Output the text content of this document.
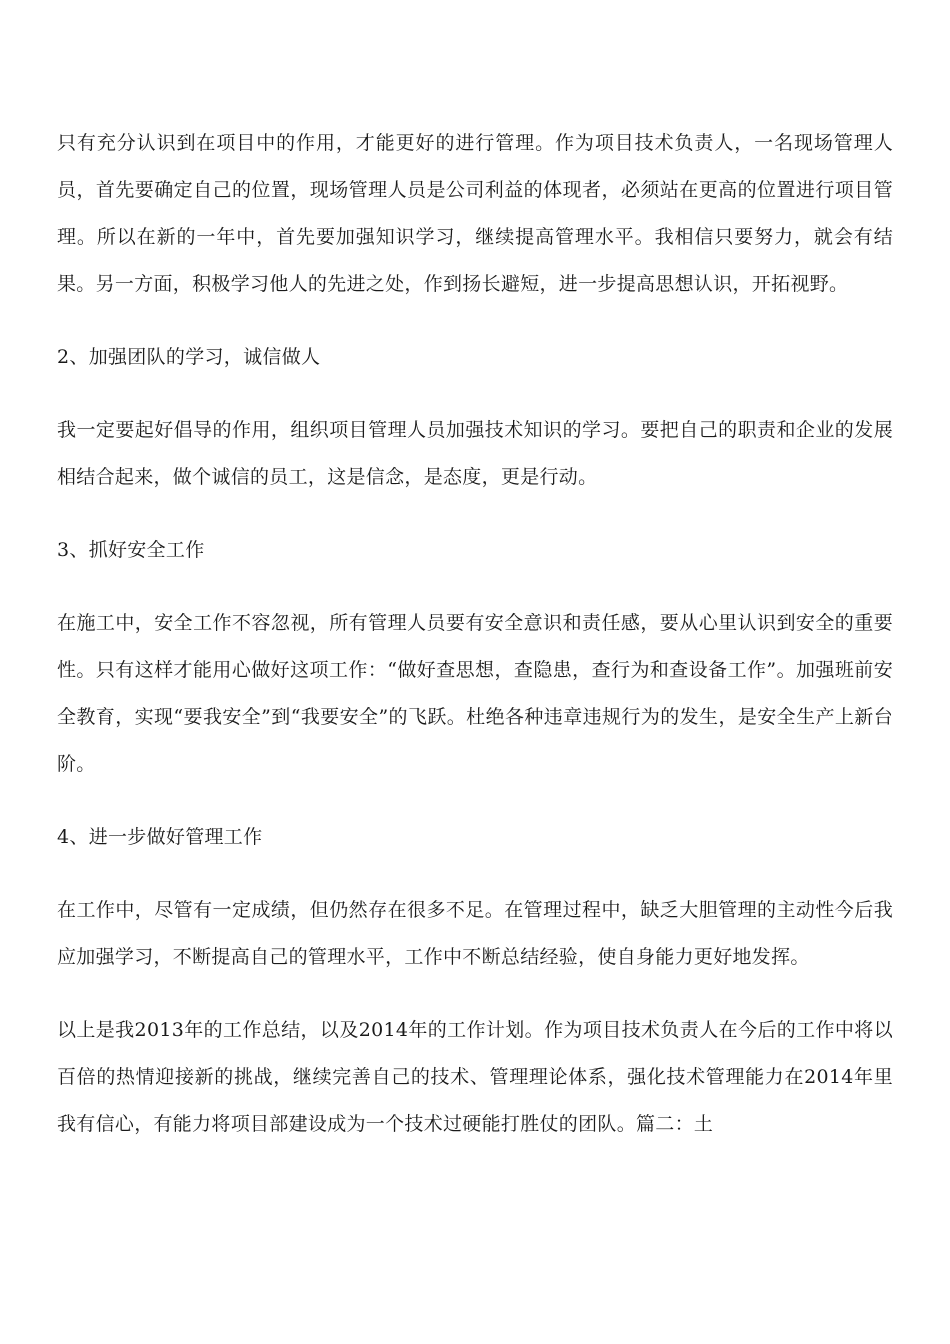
只有充分认识到在项目中的作用，才能更好的进行管理。作为项目技术负责人，一名现场管理人员，首先要确定自己的位置，现场管理人员是公司利益的体现者，必须站在更高的位置进行项目管理。所以在新的一年中，首先要加强知识学习，继续提高管理水平。我相信只要努力，就会有结果。另一方面，积极学习他人的先进之处，作到扬长避短，进一步提高思想认识，开拓视野。

2、加强团队的学习，诚信做人

我一定要起好倡导的作用，组织项目管理人员加强技术知识的学习。要把自己的职责和企业的发展相结合起来，做个诚信的员工，这是信念，是态度，更是行动。

3、抓好安全工作

在施工中，安全工作不容忽视，所有管理人员要有安全意识和责任感，要从心里认识到安全的重要性。只有这样才能用心做好这项工作：“做好查思想，查隐患，查行为和查设备工作”。加强班前安全教育，实现“要我安全”到“我要安全”的飞跃。杜绝各种违章违规行为的发生，是安全生产上新台阶。

4、进一步做好管理工作

在工作中，尽管有一定成绩，但仍然存在很多不足。在管理过程中，缺乏大胆管理的主动性今后我应加强学习，不断提高自己的管理水平，工作中不断总结经验，使自身能力更好地发挥。

以上是我2013年的工作总结，以及2014年的工作计划。作为项目技术负责人在今后的工作中将以百倍的热情迎接新的挑战，继续完善自己的技术、管理理论体系，强化技术管理能力在2014年里我有信心，有能力将项目部建设成为一个技术过硬能打胜仗的团队。篇二：土
